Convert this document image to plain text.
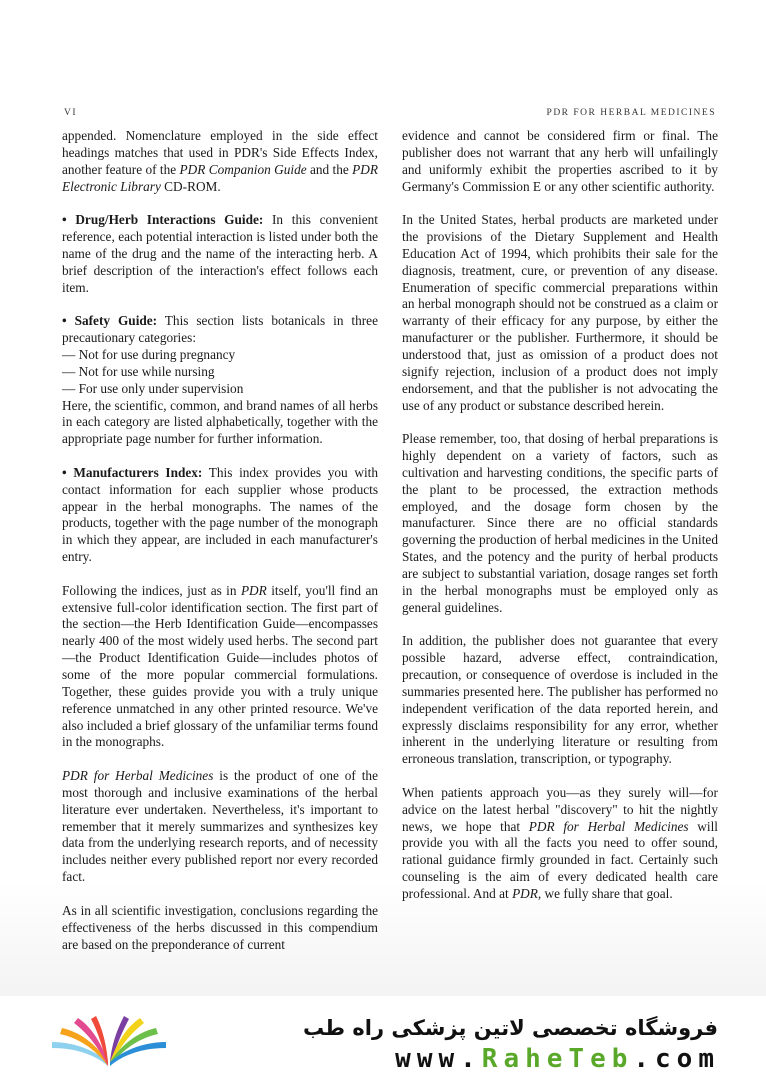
VI	PDR FOR HERBAL MEDICINES

appended. Nomenclature employed in the side effect headings matches that used in PDR's Side Effects Index, another feature of the PDR Companion Guide and the PDR Electronic Library CD-ROM.

• Drug/Herb Interactions Guide: In this convenient reference, each potential interaction is listed under both the name of the drug and the name of the interacting herb. A brief description of the interaction's effect follows each item.

• Safety Guide: This section lists botanicals in three precautionary categories:

— Not for use during pregnancy
— Not for use while nursing
— For use only under supervision

Here, the scientific, common, and brand names of all herbs in each category are listed alphabetically, together with the appropriate page number for further information.

• Manufacturers Index: This index provides you with contact information for each supplier whose products appear in the herbal monographs. The names of the products, together with the page number of the monograph in which they appear, are included in each manufacturer's entry.

Following the indices, just as in PDR itself, you'll find an extensive full-color identification section. The first part of the section—the Herb Identification Guide—encompasses nearly 400 of the most widely used herbs. The second part—the Product Identification Guide—includes photos of some of the more popular commercial formulations. Together, these guides provide you with a truly unique reference unmatched in any other printed resource. We've also included a brief glossary of the unfamiliar terms found in the monographs.

PDR for Herbal Medicines is the product of one of the most thorough and inclusive examinations of the herbal literature ever undertaken. Nevertheless, it's important to remember that it merely summarizes and synthesizes key data from the underlying research reports, and of necessity includes neither every published report nor every recorded fact.

As in all scientific investigation, conclusions regarding the effectiveness of the herbs discussed in this compendium are based on the preponderance of current

evidence and cannot be considered firm or final. The publisher does not warrant that any herb will unfailingly and uniformly exhibit the properties ascribed to it by Germany's Commission E or any other scientific authority.

In the United States, herbal products are marketed under the provisions of the Dietary Supplement and Health Education Act of 1994, which prohibits their sale for the diagnosis, treatment, cure, or prevention of any disease. Enumeration of specific commercial preparations within an herbal monograph should not be construed as a claim or warranty of their efficacy for any purpose, by either the manufacturer or the publisher. Furthermore, it should be understood that, just as omission of a product does not signify rejection, inclusion of a product does not imply endorsement, and that the publisher is not advocating the use of any product or substance described herein.

Please remember, too, that dosing of herbal preparations is highly dependent on a variety of factors, such as cultivation and harvesting conditions, the specific parts of the plant to be processed, the extraction methods employed, and the dosage form chosen by the manufacturer. Since there are no official standards governing the production of herbal medicines in the United States, and the potency and the purity of herbal products are subject to substantial variation, dosage ranges set forth in the herbal monographs must be employed only as general guidelines.

In addition, the publisher does not guarantee that every possible hazard, adverse effect, contraindication, precaution, or consequence of overdose is included in the summaries presented here. The publisher has performed no independent verification of the data reported herein, and expressly disclaims responsibility for any error, whether inherent in the underlying literature or resulting from erroneous translation, transcription, or typography.

When patients approach you—as they surely will—for advice on the latest herbal "discovery" to hit the nightly news, we hope that PDR for Herbal Medicines will provide you with all the facts you need to offer sound, rational guidance firmly grounded in fact. Certainly such counseling is the aim of every dedicated health care professional. And at PDR, we fully share that goal.

فروشگاه تخصصی لاتین پزشکی راه طب
www.RaheTeb.com
